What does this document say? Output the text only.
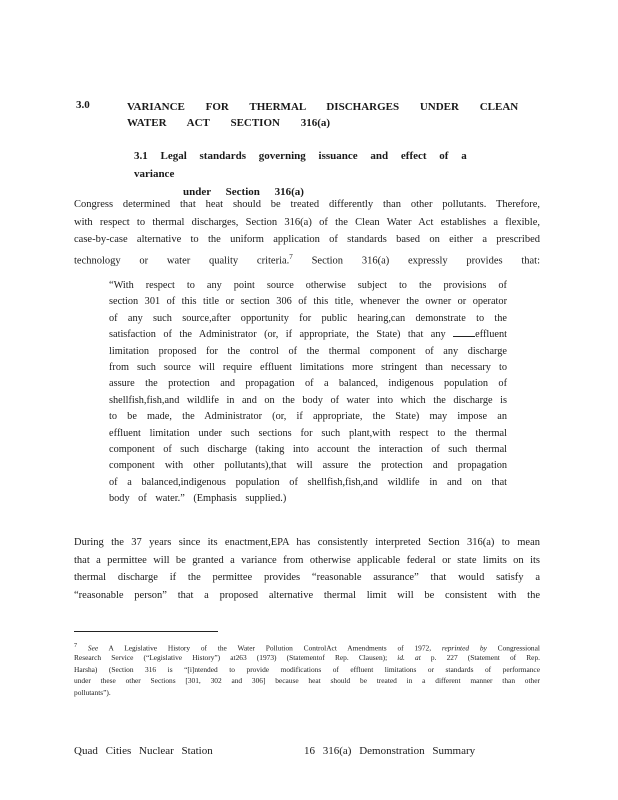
3.0	VARIANCE FOR THERMAL DISCHARGES UNDER CLEAN WATER ACT SECTION 316(a)
3.1 Legal standards governing issuance and effect of a variance
under Section 316(a)
Congress determined that heat should be treated differently than other pollutants. Therefore,
with respect to thermal discharges, Section 316(a) of the Clean Water Act establishes a flexible,
case-by-case alternative to the uniform application of standards based on either a prescribed
technology or water quality criteria.$^7$ Section 316(a) expressly provides that:
“With respect to any point source otherwise subject to the provisions of
section 301 of this title or section 306 of this title, whenever the owner or operator
of any such source,after opportunity for public hearing,can demonstrate to the
satisfaction of the Administrator (or, if appropriate, the State) that any	effluent
limitation proposed for the control of the thermal component of any discharge
from such source will require effluent limitations more stringent than necessary to
assure the protection and propagation of a balanced, indigenous population of
shellfish,fish,and wildlife in and on the body of water into which the discharge is
to be made, the Administrator (or, if appropriate, the State) may impose an
effluent limitation under such sections for such plant,with respect to the thermal
component of such discharge (taking into account the interaction of such thermal
component with other pollutants),that will assure the protection and propagation
of a balanced,indigenous population of shellfish,fish,and wildlife in and on that
body of water.” (Emphasis supplied.)
During the 37 years since its enactment,EPA has consistently interpreted Section 316(a) to mean
that a permittee will be granted a variance from otherwise applicable federal or state limits on its
thermal discharge if the permittee provides “reasonable assurance” that would satisfy a
“reasonable person” that a proposed alternative thermal limit will be consistent with the
$^7$ See A Legislative History of the Water Pollution ControlAct Amendments of 1972, reprinted by Congressional
Research Service (“Legislative History”) at263 (1973) (Statementof Rep. Clausen); id. at p. 227 (Statement of Rep.
Harsha) (Section 316 is “[i]ntended to provide modifications of effluent limitations or standards of performance
under these other Sections [301, 302 and 306] because heat should be treated in a different manner than other
pollutants”).
Quad Cities Nuclear Station	16 316(a) Demonstration Summary
